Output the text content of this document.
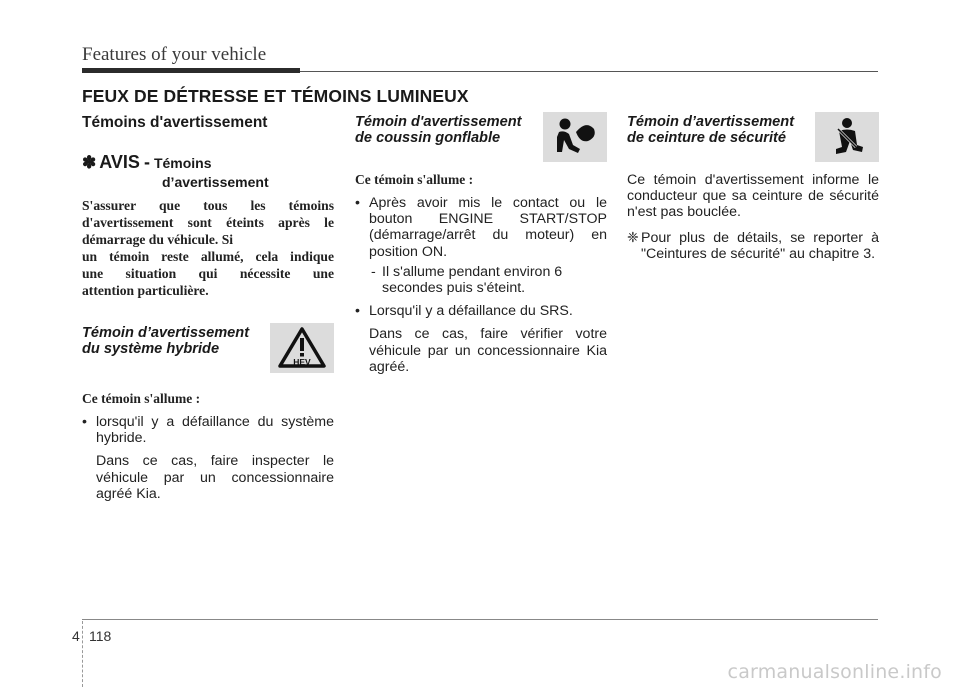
Features of your vehicle
FEUX DE DÉTRESSE ET TÉMOINS LUMINEUX
Témoins d'avertissement
✽ AVIS - Témoins
d’avertissement
S'assurer que tous les témoins
d'avertissement sont éteints après le
démarrage du véhicule. Si
un témoin reste allumé, cela indique
une situation qui nécessite une
attention particulière.
Témoin d’avertissement
du système hybride
HEV
Ce témoin s'allume :
• lorsqu'il y a défaillance du système hybride.
Dans ce cas, faire inspecter le véhicule par un concessionnaire agréé Kia.
Témoin d'avertissement
de coussin gonflable
Ce témoin s'allume :
• Après avoir mis le contact ou le bouton ENGINE START/STOP (démarrage/arrêt du moteur) en position ON.
- Il s'allume pendant environ 6 secondes puis s'éteint.
• Lorsqu'il y a défaillance du SRS.
Dans ce cas, faire vérifier votre véhicule par un concessionnaire Kia agréé.
Témoin d’avertissement
de ceinture de sécurité
Ce témoin d'avertissement informe le conducteur que sa ceinture de sécurité n'est pas bouclée.
❈ Pour plus de détails, se reporter à "Ceintures de sécurité" au chapitre 3.
4 118
carmanualsonline.info
